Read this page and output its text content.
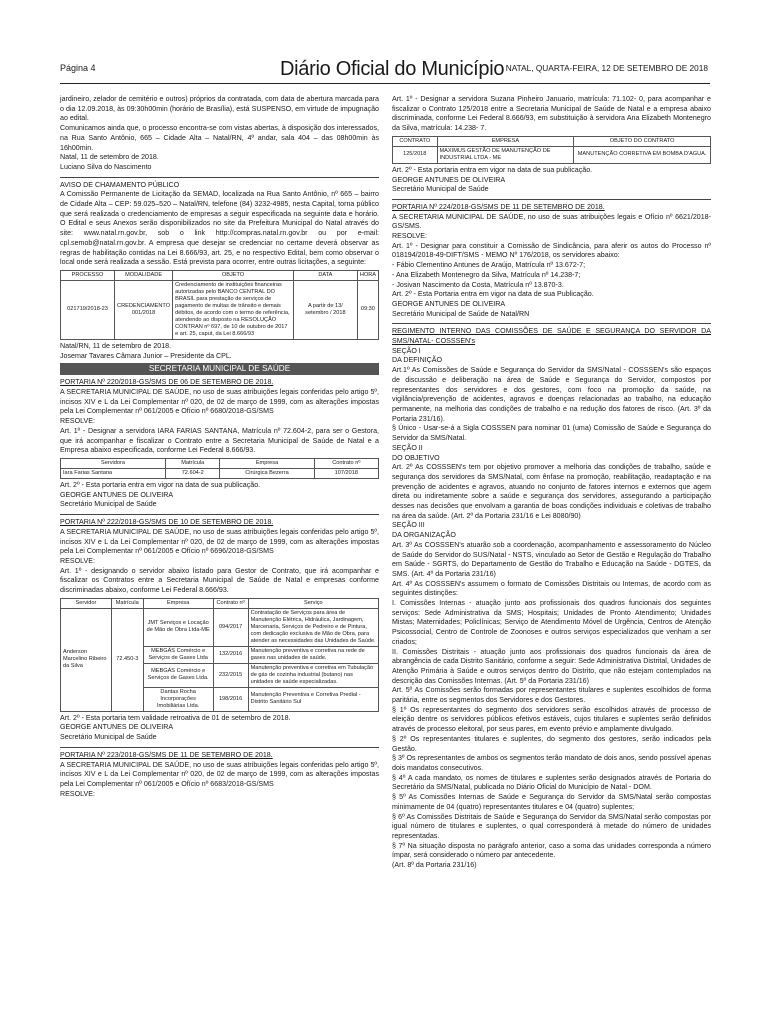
Página 4	Diário Oficial do Município NATAL, QUARTA-FEIRA, 12 DE SETEMBRO DE 2018

jardineiro, zelador de cemitério e outros) próprios da contratada, com data de abertura marcada para o dia 12.09.2018, às 09:30h00min (horário de Brasília), está SUSPENSO, em virtude de impugnação ao edital.

Comunicamos ainda que, o processo encontra-se com vistas abertas, à disposição dos interessados, na Rua Santo Antônio, 665 – Cidade Alta – Natal/RN, 4º andar, sala 404 – das 08h00min às 16h00min.

Natal, 11 de setembro de 2018.

Luciano Silva do Nascimento

AVISO DE CHAMAMENTO PÚBLICO

A Comissão Permanente de Licitação da SEMAD, localizada na Rua Santo Antônio, nº 665 – bairro de Cidade Alta – CEP: 59.025–520 – Natal/RN, telefone (84) 3232-4985, nesta Capital, torna público que será realizada o credenciamento de empresas a seguir especificada na seguinte data e horário. O Edital e seus Anexos serão disponibilizados no site da Prefeitura Municipal do Natal através do site: www.natal.rn.gov.br, sob o link http://compras.natal.rn.gov.br ou por e-mail: cpl.semob@natal.rn.gov.br. A empresa que desejar se credenciar no certame deverá observar as regras de habilitação contidas na Lei 8.666/93, art. 25, e no respectivo Edital, bem como observar o local onde será realizada a sessão. Está prevista para ocorrer, entre outras licitações, a seguinte:

PROCESSO	MODALIDADE	OBJETO	DATA	HORA
021719/2018-23	CREDENCIAMENTO 001/2018	Credenciamento de instituições financeiras autorizadas pelo BANCO CENTRAL DO BRASIL para prestação de serviços de pagamento de multas de trânsito e demais débitos, de acordo com o termo de referência, atendendo ao disposto na RESOLUÇÃO CONTRAN nº 697, de 10 de outubro de 2017 e art. 25, caput, da Lei 8.666/93	A partir de 13/ setembro / 2018	09:30

Natal/RN, 11 de setembro de 2018.

Josemar Tavares Câmara Junior – Presidente da CPL.

SECRETARIA MUNICIPAL DE SAÚDE

PORTARIA Nº 220/2018-GS/SMS DE 06 DE SETEMBRO DE 2018.

A SECRETARIA MUNICIPAL DE SAÚDE, no uso de suas atribuições legais conferidas pelo artigo 5º, incisos XIV e L da Lei Complementar nº 020, de 02 de março de 1999, com as alterações impostas pela Lei Complementar nº 061/2005 e Ofício nº 6680/2018-GS/SMS

RESOLVE:

Art. 1º - Designar a servidora IARA FARIAS SANTANA, Matrícula nº 72.604-2, para ser o Gestora, que irá acompanhar e fiscalizar o Contrato entre a Secretaria Municipal de Saúde de Natal e a Empresa abaixo especificada, conforme Lei Federal 8.666/93.

Servidora	Matrícula	Empresa	Contrato nº
Iara Farias Santana	72.604-2	Cirúrgica Bezerra	107/2018

Art. 2º - Esta portaria entra em vigor na data de sua publicação.

GEORGE ANTUNES DE OLIVEIRA

Secretário Municipal de Saúde

PORTARIA Nº 222/2018-GS/SMS DE 10 DE SETEMBRO DE 2018.

A SECRETARIA MUNICIPAL DE SAÚDE, no uso de suas atribuições legais conferidas pelo artigo 5º, incisos XIV e L da Lei Complementar nº 020, de 02 de março de 1999, com as alterações impostas pela Lei Complementar nº 061/2005 e Ofício nº 6696/2018-GS/SMS

RESOLVE:

Art. 1º - designando o servidor abaixo listado para Gestor de Contrato, que irá acompanhar e fiscalizar os Contratos entre a Secretaria Municipal de Saúde de Natal e empresas conforme discriminadas abaixo, conforme Lei Federal 8.666/93.

Servidor	Matrícula	Empresa	Contrato nº	Serviço
Anderson Marcelino Ribeiro da Silva	72.450-3	JMT Serviços e Locação de Mão de Obra Ltda-ME	094/2017	Contratação de Serviços para área de Manutenção Elétrica, Hidráulica, Jardinagem, Marcenaria, Serviços de Pedreiro e de Pintura, com dedicação exclusiva de Mão de Obra, para atender as necessidades das Unidades de Saúde.
		MEBGÁS Comércio e Serviços de Gases Ltda	132/2016	Manutenção preventiva e corretiva na rede de gases nas unidades de saúde.
		MEBGÁS Comércio e Serviços de Gases Ltda.	232/2015	Manutenção preventiva e corretiva em Tubulação de gás de cozinha industrial (butano) nas unidades de saúde especializadas.
		Dantas Rocha Incorporações Imobiliárias Ltda.	198/2016	Manutenção Preventiva e Corretiva Predial - Distrito Sanitário Sul

Art. 2º - Esta portaria tem validade retroativa de 01 de setembro de 2018.

GEORGE ANTUNES DE OLIVEIRA

Secretário Municipal de Saúde

PORTARIA Nº 223/2018-GS/SMS DE 11 DE SETEMBRO DE 2018.

A SECRETARIA MUNICIPAL DE SAÚDE, no uso de suas atribuições legais conferidas pelo artigo 5º, incisos XIV e L da Lei Complementar nº 020, de 02 de março de 1999, com as alterações impostas pela Lei Complementar nº 061/2005 e Ofício nº 6683/2018-GS/SMS

RESOLVE:

Art. 1º - Designar a servidora Suzana Pinheiro Januario, matrícula: 71.102- 0, para acompanhar e fiscalizar o Contrato 125/2018 entre a Secretaria Municipal de Saúde de Natal e a empresa abaixo discriminada, conforme Lei Federal 8.666/93, em substituição à servidora Ana Elizabeth Montenegro da Silva, matrícula: 14.238- 7.

CONTRATO	EMPRESA	OBJETO DO CONTRATO
125/2018	MAXIMUS GESTÃO DE MANUTENÇÃO DE INDUSTRIAL LTDA - ME	MANUTENÇÃO CORRETIVA EM BOMBA D'AGUA.

Art. 2º - Esta portaria entra em vigor na data de sua publicação.

GEORGE ANTUNES DE OLIVEIRA

Secretário Municipal de Saúde

PORTARIA Nº 224/2018-GS/SMS DE 11 DE SETEMBRO DE 2018.

A SECRETARIA MUNICIPAL DE SAÚDE, no uso de suas atribuições legais e Ofício nº 6621/2018-GS/SMS.

RESOLVE:

Art. 1º - Designar para constituir a Comissão de Sindicância, para aferir os autos do Processo nº 018194/2018-49-DIFT/SMS - MEMO Nº 176/2018, os servidores abaixo:

- Fábio Clementino Antunes de Araújo, Matrícula nº 13.672-7;

- Ana Elizabeth Montenegro da Silva, Matrícula nº 14.238-7;

- Josivan Nascimento da Costa, Matrícula nº 13.870-3.

Art. 2º - Esta Portaria entra em vigor na data de sua Publicação.

GEORGE ANTUNES DE OLIVEIRA

Secretário Municipal de Saúde de Natal/RN

REGIMENTO INTERNO DAS COMISSÕES DE SAÚDE E SEGURANÇA DO SERVIDOR DA SMS/NATAL- COSSSEN's

SEÇÃO I

DA DEFINIÇÃO

Art.1º As Comissões de Saúde e Segurança do Servidor da SMS/Natal - COSSSEN's são espaços de discussão e deliberação na área de Saúde e Segurança do Servidor, compostos por representantes dos servidores e dos gestores, com foco na promoção da saúde, na vigilância/prevenção de acidentes, agravos e doenças relacionadas ao trabalho, na educação permanente, na melhoria das condições de trabalho e na redução dos fatores de risco. (Art. 3º da Portaria 231/16).

§ Único - Usar-se-á a Sigla COSSSEN para nominar 01 (uma) Comissão de Saúde e Segurança do Servidor da SMS/Natal.

SEÇÃO II

DO OBJETIVO

Art. 2º As COSSSEN's tem por objetivo promover a melhoria das condições de trabalho, saúde e segurança dos servidores da SMS/Natal, com ênfase na promoção, reabilitação, readaptação e na prevenção de acidentes e agravos, atuando no conjunto de fatores internos e externos que agem direta ou indiretamente sobre a saúde e segurança dos servidores, assegurando a participação desses nas decisões que envolvam a garantia de boas condições individuais e coletivas de trabalho na área da saúde. (Art. 2º da Portaria 231/16 e Lei 8080/90)

SEÇÃO III

DA ORGANIZAÇÃO

Art. 3º As COSSSEN's atuarão sob a coordenação, acompanhamento e assessoramento do Núcleo de Saúde do Servidor do SUS/Natal - NSTS, vinculado ao Setor de Gestão e Regulação do Trabalho em Saúde - SGRTS, do Departamento de Gestão do Trabalho e Educação na Saúde - DGTES, da SMS. (Art. 4º da Portaria 231/16)

Art. 4º As COSSSEN's assumem o formato de Comissões Distritais ou Internas, de acordo com as seguintes distinções:

I. Comissões Internas - atuação junto aos profissionais dos quadros funcionais dos seguintes serviços: Sede Administrativa da SMS; Hospitais; Unidades de Pronto Atendimento; Unidades Mistas; Maternidades; Policlínicas; Serviço de Atendimento Móvel de Urgência, Centros de Atenção Psicossocial, Centro de Controle de Zoonoses e outros serviços especializados que venham a ser criados;

II. Comissões Distritais - atuação junto aos profissionais dos quadros funcionais da área de abrangência de cada Distrito Sanitário, conforme a seguir: Sede Administrativa Distrital, Unidades de Atenção Primária à Saúde e outros serviços dentro do Distrito, que não estejam contemplados na descrição das Comissões Internas. (Art. 5º da Portaria 231/16)

Art. 5º As Comissões serão formadas por representantes titulares e suplentes escolhidos de forma paritária, entre os segmentos dos Servidores e dos Gestores.

§ 1º Os representantes do segmento dos servidores serão escolhidos através de processo de eleição dentre os servidores públicos efetivos estáveis, cujos titulares e suplentes serão definidos através de processo eleitoral, por seus pares, em evento prévio e amplamente divulgado.

§ 2º Os representantes titulares e suplentes, do segmento dos gestores, serão indicados pela Gestão.

§ 3º Os representantes de ambos os segmentos terão mandato de dois anos, sendo possível apenas dois mandatos consecutivos.

§ 4º A cada mandato, os nomes de titulares e suplentes serão designados através de Portaria do Secretário da SMS/Natal, publicada no Diário Oficial do Município de Natal - DOM.

§ 5º As Comissões Internas de Saúde e Segurança do Servidor da SMS/Natal serão compostas minimamente de 04 (quatro) representantes titulares e 04 (quatro) suplentes;

§ 6º As Comissões Distritais de Saúde e Segurança do Servidor da SMS/Natal serão compostas por igual número de titulares e suplentes, o qual corresponderá à metade do número de unidades representadas.

§ 7º Na situação disposta no parágrafo anterior, caso a soma das unidades corresponda a número ímpar, será considerado o número par antecedente.

(Art. 8º da Portaria 231/16)
